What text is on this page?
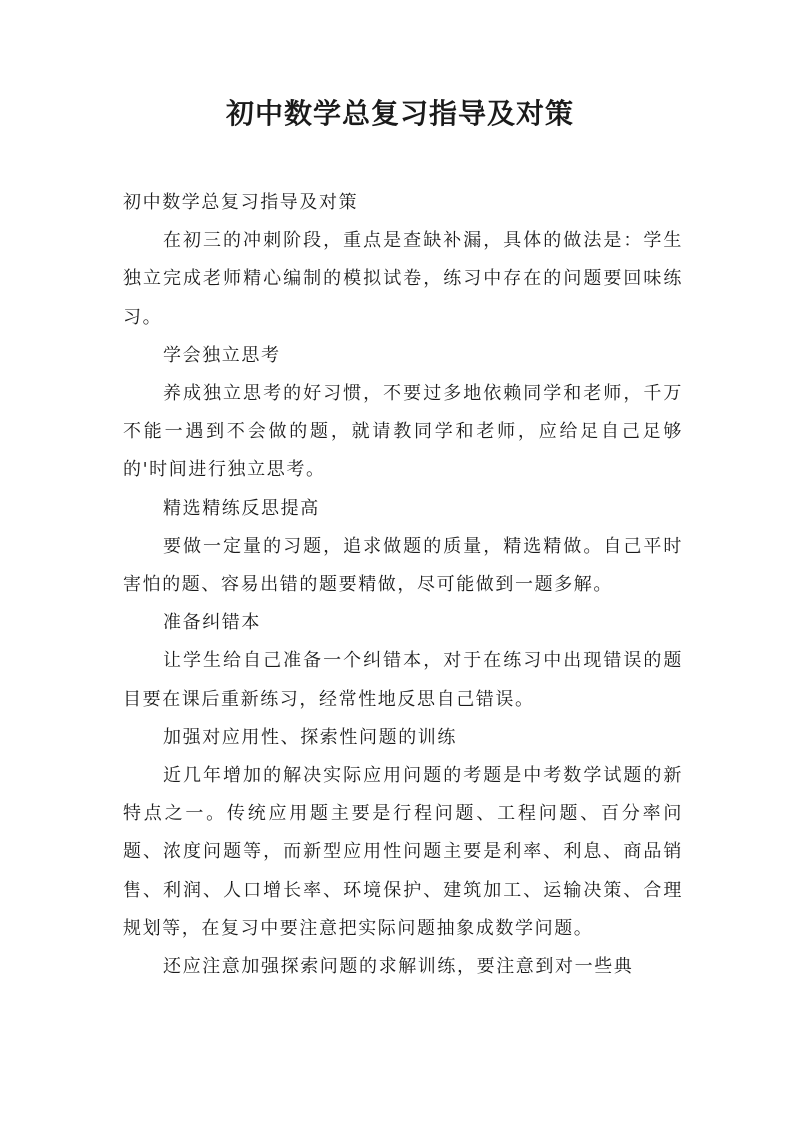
初中数学总复习指导及对策

初中数学总复习指导及对策

在初三的冲刺阶段，重点是查缺补漏，具体的做法是：学生独立完成老师精心编制的模拟试卷，练习中存在的问题要回味练习。

学会独立思考

养成独立思考的好习惯，不要过多地依赖同学和老师，千万不能一遇到不会做的题，就请教同学和老师，应给足自己足够的'时间进行独立思考。

精选精练反思提高

要做一定量的习题，追求做题的质量，精选精做。自己平时害怕的题、容易出错的题要精做，尽可能做到一题多解。

准备纠错本

让学生给自己准备一个纠错本，对于在练习中出现错误的题目要在课后重新练习，经常性地反思自己错误。

加强对应用性、探索性问题的训练

近几年增加的解决实际应用问题的考题是中考数学试题的新特点之一。传统应用题主要是行程问题、工程问题、百分率问题、浓度问题等，而新型应用性问题主要是利率、利息、商品销售、利润、人口增长率、环境保护、建筑加工、运输决策、合理规划等，在复习中要注意把实际问题抽象成数学问题。

还应注意加强探索问题的求解训练，要注意到对一些典
